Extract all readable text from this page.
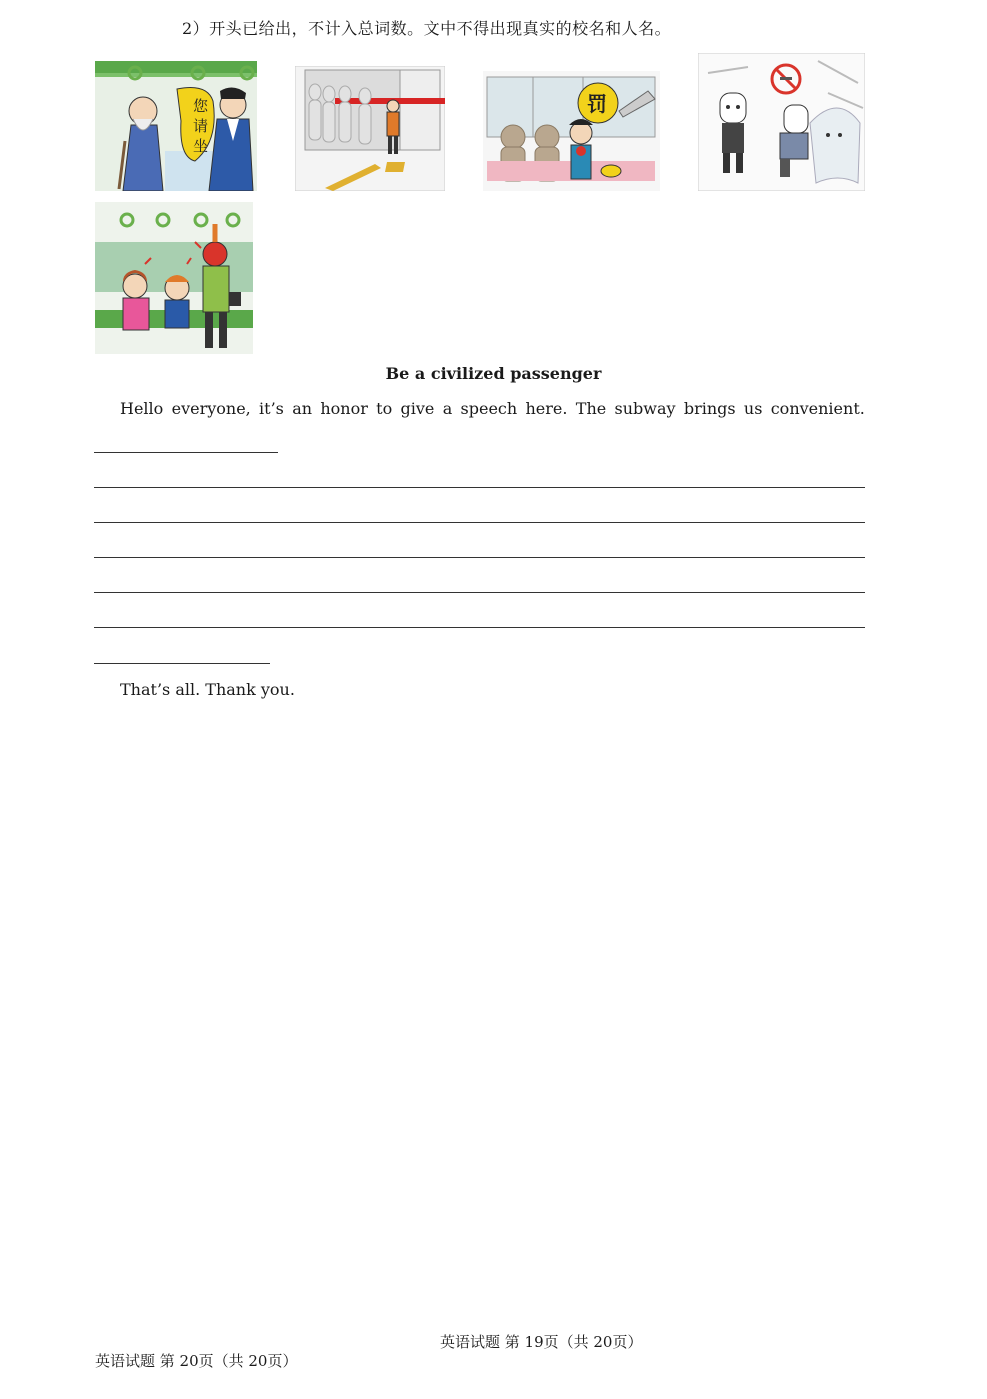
2）开头已给出，不计入总词数。文中不得出现真实的校名和人名。
您
请
坐
罚
Be a civilized passenger
Hello everyone, it’s an honor to give a speech here. The subway brings us convenient.
That’s all. Thank you.
英语试题 第 19页（共 20页）
英语试题 第 20页（共 20页）
